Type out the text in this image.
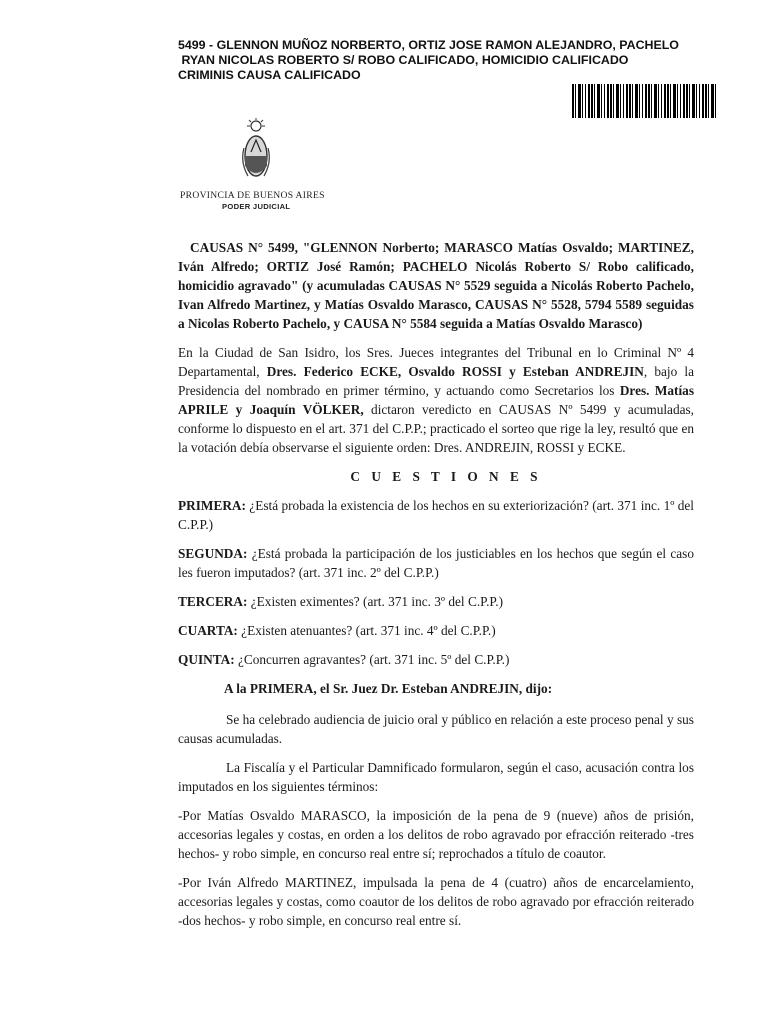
5499 - GLENNON MUÑOZ NORBERTO, ORTIZ JOSE RAMON ALEJANDRO, PACHELO
RYAN NICOLAS ROBERTO S/ ROBO CALIFICADO, HOMICIDIO CALIFICADO
CRIMINIS CAUSA CALIFICADO
PROVINCIA DE BUENOS AIRES
PODER JUDICIAL

CAUSAS N° 5499, "GLENNON Norberto; MARASCO Matías Osvaldo; MARTINEZ, Iván Alfredo; ORTIZ José Ramón; PACHELO Nicolás Roberto S/ Robo calificado, homicidio agravado" (y acumuladas CAUSAS N° 5529 seguida a Nicolás Roberto Pachelo, Ivan Alfredo Martinez, y Matías Osvaldo Marasco, CAUSAS N° 5528, 5794 5589 seguidas a Nicolas Roberto Pachelo, y CAUSA N° 5584 seguida a Matías Osvaldo Marasco)

En la Ciudad de San Isidro, los Sres. Jueces integrantes del Tribunal en lo Criminal Nº 4 Departamental, Dres. Federico ECKE, Osvaldo ROSSI y Esteban ANDREJIN, bajo la Presidencia del nombrado en primer término, y actuando como Secretarios los Dres. Matías APRILE y Joaquín VÖLKER, dictaron veredicto en CAUSAS Nº 5499 y acumuladas, conforme lo dispuesto en el art. 371 del C.P.P.; practicado el sorteo que rige la ley, resultó que en la votación debía observarse el siguiente orden: Dres. ANDREJIN, ROSSI y ECKE.

C U E S T I O N E S

PRIMERA: ¿Está probada la existencia de los hechos en su exteriorización? (art. 371 inc. 1º del C.P.P.)

SEGUNDA: ¿Está probada la participación de los justiciables en los hechos que según el caso les fueron imputados? (art. 371 inc. 2º del C.P.P.)

TERCERA: ¿Existen eximentes? (art. 371 inc. 3º del C.P.P.)

CUARTA: ¿Existen atenuantes? (art. 371 inc. 4º del C.P.P.)

QUINTA: ¿Concurren agravantes? (art. 371 inc. 5º del C.P.P.)

A la PRIMERA, el Sr. Juez Dr. Esteban ANDREJIN, dijo:

Se ha celebrado audiencia de juicio oral y público en relación a este proceso penal y sus causas acumuladas.

La Fiscalía y el Particular Damnificado formularon, según el caso, acusación contra los imputados en los siguientes términos:

-Por Matías Osvaldo MARASCO, la imposición de la pena de 9 (nueve) años de prisión, accesorias legales y costas, en orden a los delitos de robo agravado por efracción reiterado -tres hechos- y robo simple, en concurso real entre sí; reprochados a título de coautor.

-Por Iván Alfredo MARTINEZ, impulsada la pena de 4 (cuatro) años de encarcelamiento, accesorias legales y costas, como coautor de los delitos de robo agravado por efracción reiterado -dos hechos- y robo simple, en concurso real entre sí.
